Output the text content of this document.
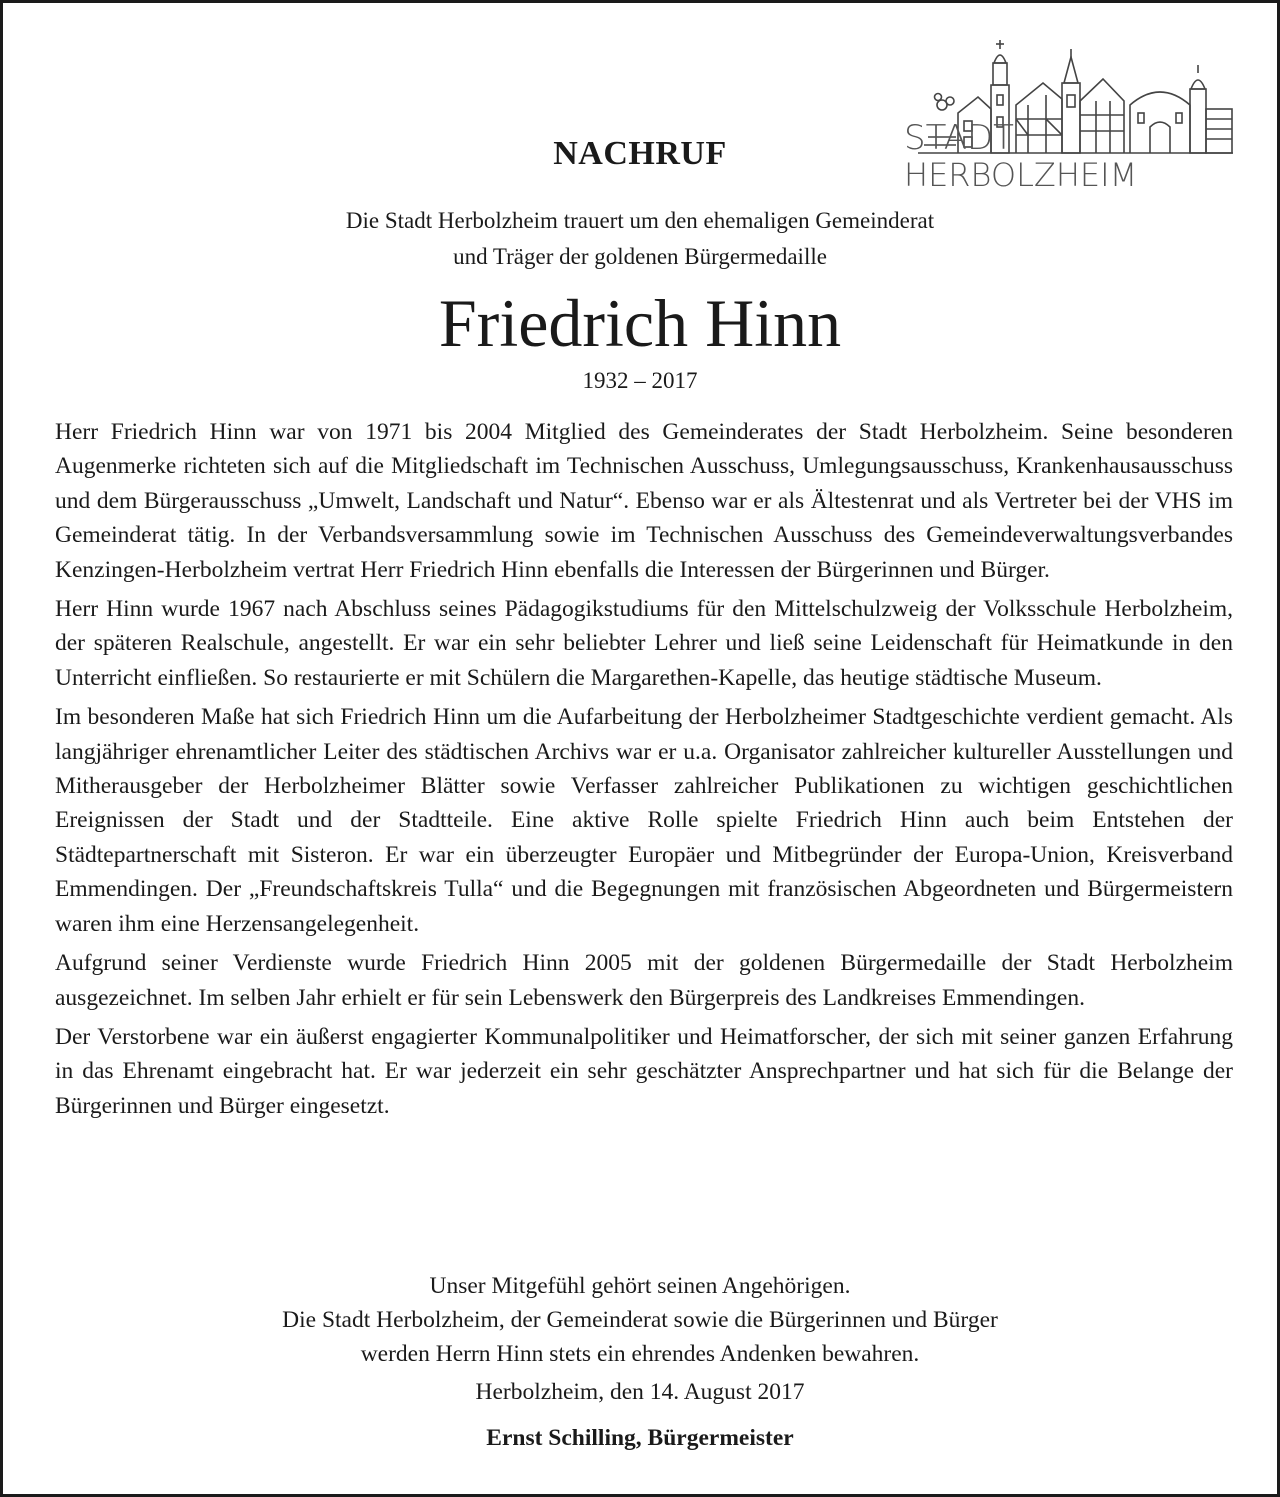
STADT
HERBOLZHEIM
NACHRUF
Die Stadt Herbolzheim trauert um den ehemaligen Gemeinderat
und Träger der goldenen Bürgermedaille
Friedrich Hinn
1932 – 2017

Herr Friedrich Hinn war von 1971 bis 2004 Mitglied des Gemeinderates der Stadt Herbolzheim. Seine besonderen Augenmerke richteten sich auf die Mitgliedschaft im Technischen Ausschuss, Umlegungsausschuss, Krankenhausausschuss und dem Bürgerausschuss „Umwelt, Landschaft und Natur“. Ebenso war er als Ältestenrat und als Vertreter bei der VHS im Gemeinderat tätig. In der Verbandsversammlung sowie im Technischen Ausschuss des Gemeindeverwaltungsverbandes Kenzingen-Herbolzheim vertrat Herr Friedrich Hinn ebenfalls die Interessen der Bürgerinnen und Bürger.

Herr Hinn wurde 1967 nach Abschluss seines Pädagogikstudiums für den Mittelschulzweig der Volksschule Herbolzheim, der späteren Realschule, angestellt. Er war ein sehr beliebter Lehrer und ließ seine Leidenschaft für Heimatkunde in den Unterricht einfließen. So restaurierte er mit Schülern die Margarethen-Kapelle, das heutige städtische Museum.

Im besonderen Maße hat sich Friedrich Hinn um die Aufarbeitung der Herbolzheimer Stadtgeschichte verdient gemacht. Als langjähriger ehrenamtlicher Leiter des städtischen Archivs war er u.a. Organisator zahlreicher kultureller Ausstellungen und Mitherausgeber der Herbolzheimer Blätter sowie Verfasser zahlreicher Publikationen zu wichtigen geschichtlichen Ereignissen der Stadt und der Stadtteile. Eine aktive Rolle spielte Friedrich Hinn auch beim Entstehen der Städtepartnerschaft mit Sisteron. Er war ein überzeugter Europäer und Mitbegründer der Europa-Union, Kreisverband Emmendingen. Der „Freundschaftskreis Tulla“ und die Begegnungen mit französischen Abgeordneten und Bürgermeistern waren ihm eine Herzensangelegenheit.

Aufgrund seiner Verdienste wurde Friedrich Hinn 2005 mit der goldenen Bürgermedaille der Stadt Herbolzheim ausgezeichnet. Im selben Jahr erhielt er für sein Lebenswerk den Bürgerpreis des Landkreises Emmendingen.

Der Verstorbene war ein äußerst engagierter Kommunalpolitiker und Heimatforscher, der sich mit seiner ganzen Erfahrung in das Ehrenamt eingebracht hat. Er war jederzeit ein sehr geschätzter Ansprechpartner und hat sich für die Belange der Bürgerinnen und Bürger eingesetzt.

Unser Mitgefühl gehört seinen Angehörigen.
Die Stadt Herbolzheim, der Gemeinderat sowie die Bürgerinnen und Bürger
werden Herrn Hinn stets ein ehrendes Andenken bewahren.
Herbolzheim, den 14. August 2017
Ernst Schilling, Bürgermeister
